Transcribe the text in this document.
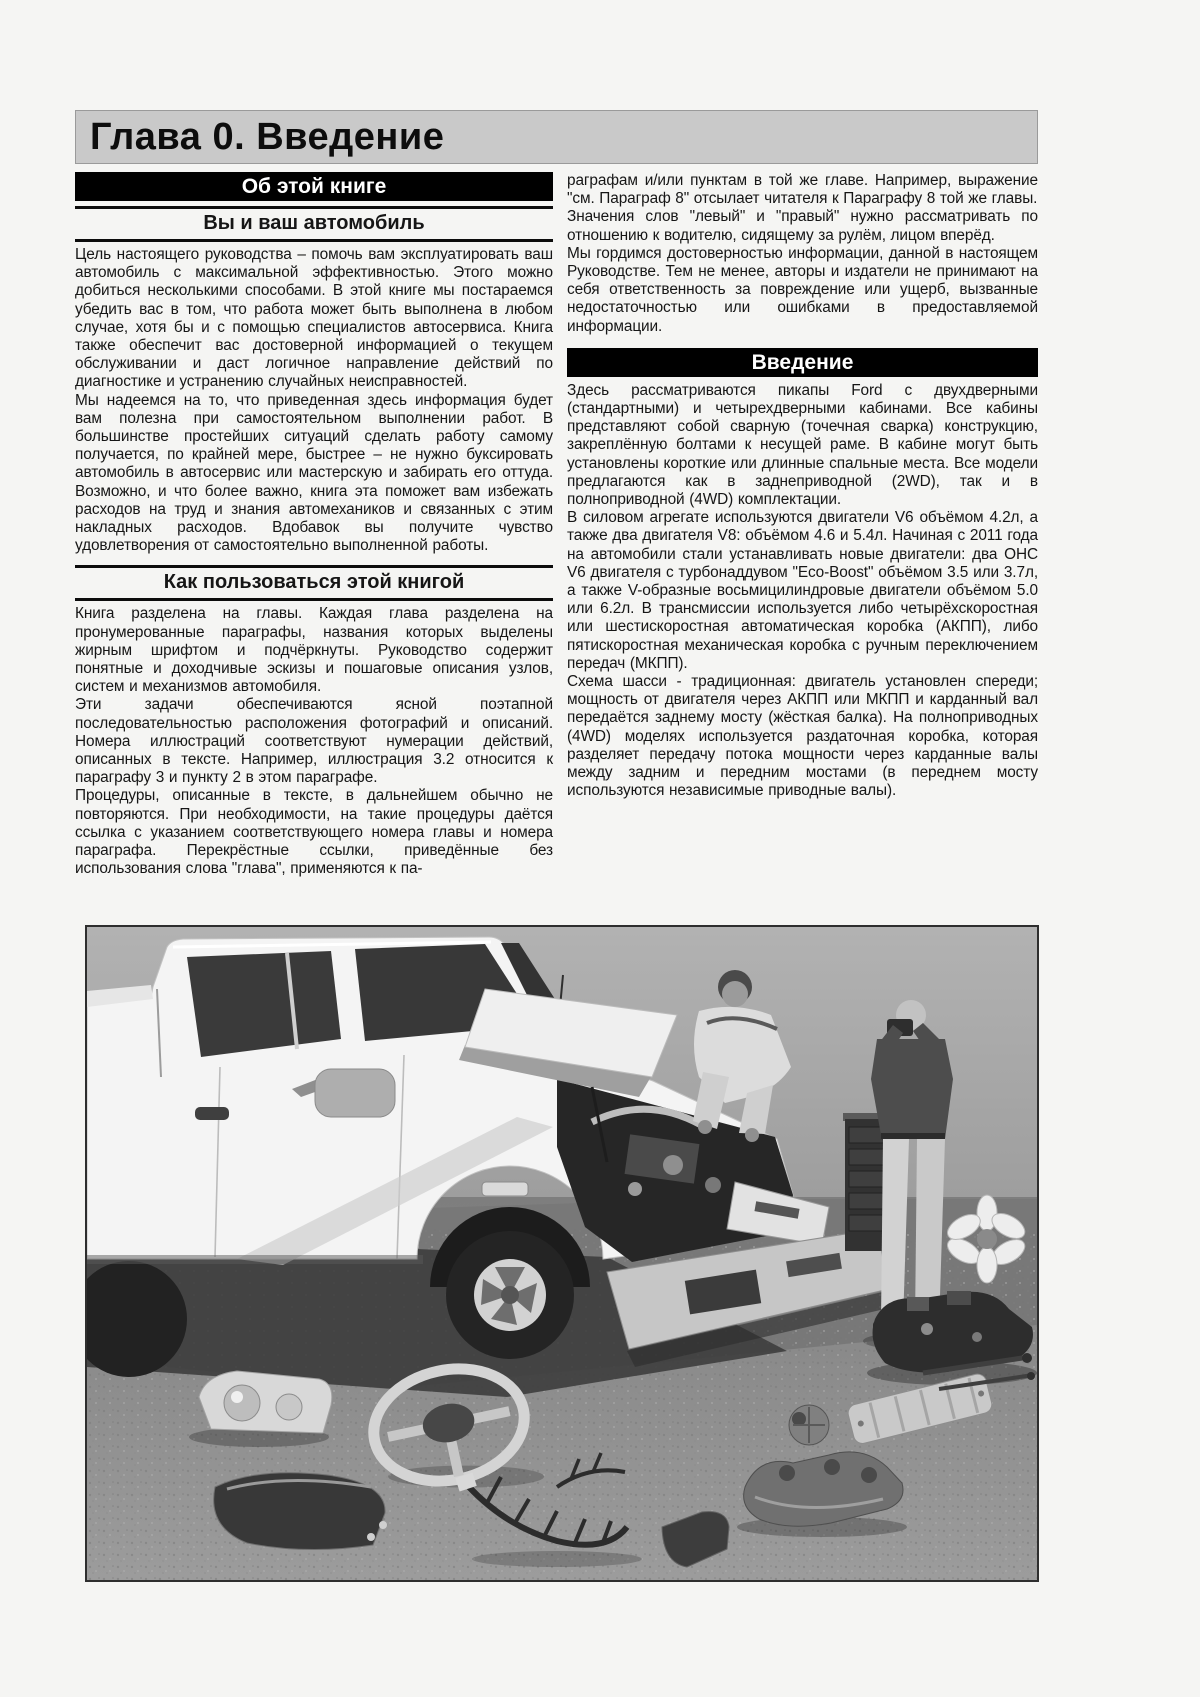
Глава 0. Введение
Об этой книге
Вы и ваш автомобиль

Цель настоящего руководства – помочь вам эксплуатировать ваш автомобиль с максимальной эффективностью. Этого можно добиться несколькими способами. В этой книге мы постараемся убедить вас в том, что работа может быть выполнена в любом случае, хотя бы и с помощью специалистов автосервиса. Книга также обеспечит вас достоверной информацией о текущем обслуживании и даст логичное направление действий по диагностике и устранению случайных неисправностей.

Мы надеемся на то, что приведенная здесь информация будет вам полезна при самостоятельном выполнении работ. В большинстве простейших ситуаций сделать работу самому получается, по крайней мере, быстрее – не нужно буксировать автомобиль в автосервис или мастерскую и забирать его оттуда. Возможно, и что более важно, книга эта поможет вам избежать расходов на труд и знания автомехаников и связанных с этим накладных расходов. Вдобавок вы получите чувство удовлетворения от самостоятельно выполненной работы.

Как пользоваться этой книгой

Книга разделена на главы. Каждая глава разделена на пронумерованные параграфы, названия которых выделены жирным шрифтом и подчёркнуты. Руководство содержит понятные и доходчивые эскизы и пошаговые описания узлов, систем и механизмов автомобиля.

Эти задачи обеспечиваются ясной поэтапной последовательностью расположения фотографий и описаний. Номера иллюстраций соответствуют нумерации действий, описанных в тексте. Например, иллюстрация 3.2 относится к параграфу 3 и пункту 2 в этом параграфе.

Процедуры, описанные в тексте, в дальнейшем обычно не повторяются. При необходимости, на такие процедуры даётся ссылка с указанием соответствующего номера главы и номера параграфа. Перекрёстные ссылки, приведённые без использования слова "глава", применяются к па-

раграфам и/или пунктам в той же главе. Например, выражение "см. Параграф 8" отсылает читателя к Параграфу 8 той же главы.

Значения слов "левый" и "правый" нужно рассматривать по отношению к водителю, сидящему за рулём, лицом вперёд.

Мы гордимся достоверностью информации, данной в настоящем Руководстве. Тем не менее, авторы и издатели не принимают на себя ответственность за повреждение или ущерб, вызванные недостаточностью или ошибками в предоставляемой информации.

Введение

Здесь рассматриваются пикапы Ford с двухдверными (стандартными) и четырехдверными кабинами. Все кабины представляют собой сварную (точечная сварка) конструкцию, закреплённую болтами к несущей раме. В кабине могут быть установлены короткие или длинные спальные места. Все модели предлагаются как в заднеприводной (2WD), так и в полноприводной (4WD) комплектации.

В силовом агрегате используются двигатели V6 объёмом 4.2л, а также два двигателя V8: объёмом 4.6 и 5.4л. Начиная с 2011 года на автомобили стали устанавливать новые двигатели: два OHC V6 двигателя с турбонаддувом "Eco-Boost" объёмом 3.5 или 3.7л, а также V-образные восьмицилиндровые двигатели объёмом 5.0 или 6.2л. В трансмиссии используется либо четырёхскоростная или шестискоростная автоматическая коробка (АКПП), либо пятискоростная механическая коробка с ручным переключением передач (МКПП).

Схема шасси - традиционная: двигатель установлен спереди; мощность от двигателя через АКПП или МКПП и карданный вал передаётся заднему мосту (жёсткая балка). На полноприводных (4WD) моделях используется раздаточная коробка, которая разделяет передачу потока мощности через карданные валы между задним и передним мостами (в переднем мосту используются независимые приводные валы).
